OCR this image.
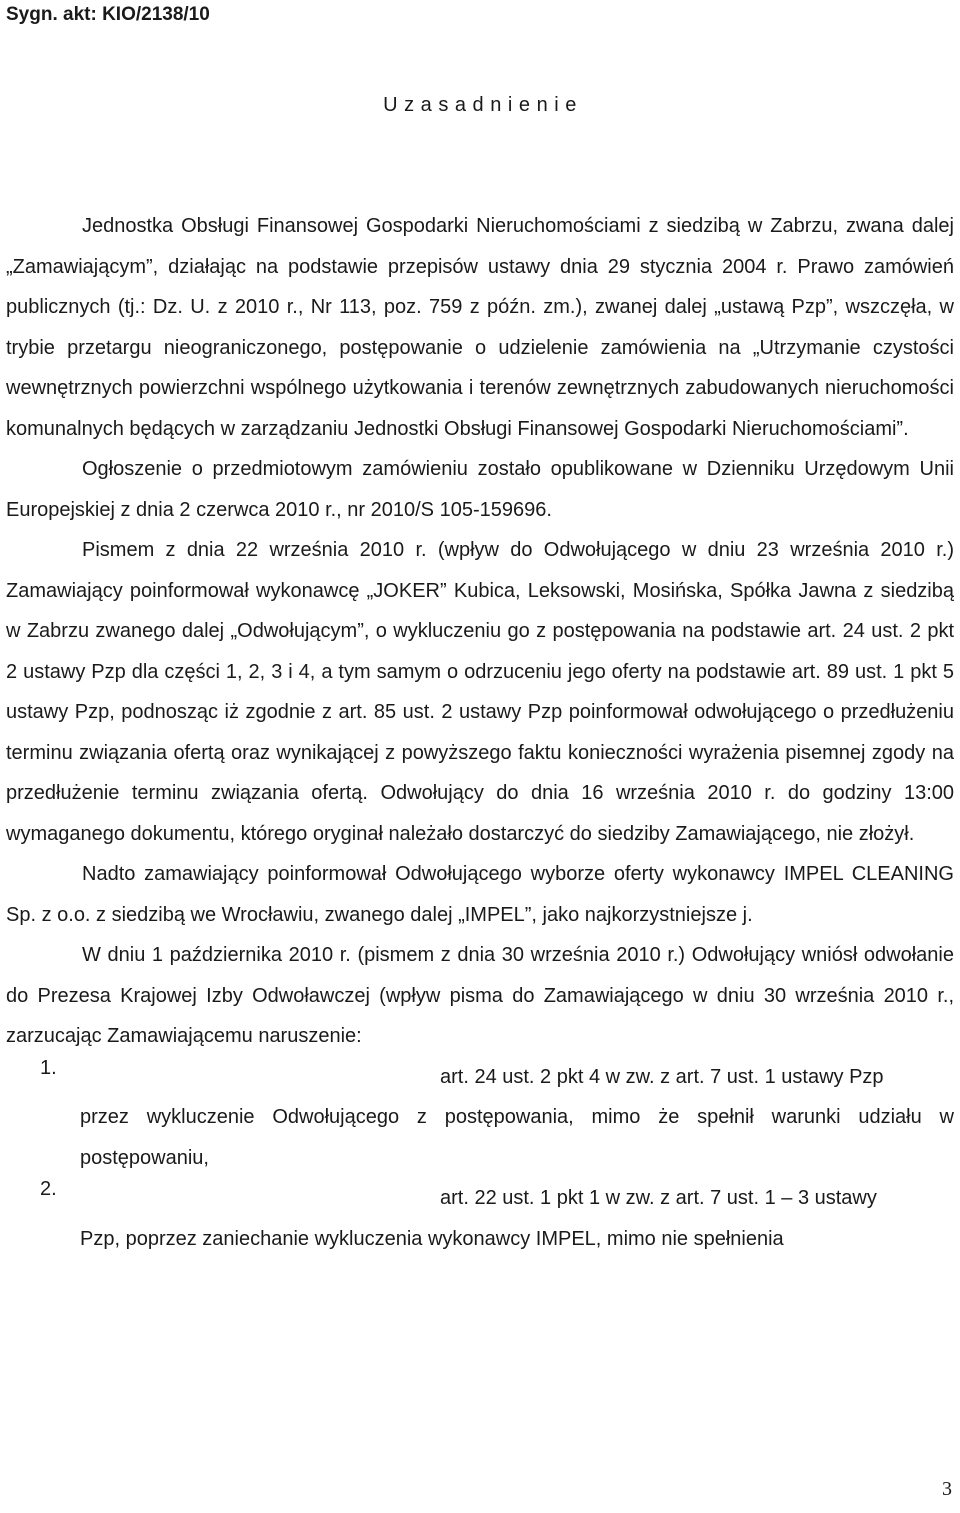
Sygn. akt: KIO/2138/10
U z a s a d n i e n i e

Jednostka Obsługi Finansowej Gospodarki Nieruchomościami z siedzibą w Zabrzu, zwana dalej „Zamawiającym”, działając na podstawie przepisów ustawy dnia 29 stycznia 2004 r. Prawo zamówień publicznych (tj.: Dz. U. z 2010 r., Nr 113, poz. 759 z późn. zm.), zwanej dalej „ustawą Pzp”, wszczęła, w trybie przetargu nieograniczonego, postępowanie o udzielenie zamówienia na „Utrzymanie czystości wewnętrznych powierzchni wspólnego użytkowania i terenów zewnętrznych zabudowanych nieruchomości komunalnych będących w zarządzaniu Jednostki Obsługi Finansowej Gospodarki Nieruchomościami”.

Ogłoszenie o przedmiotowym zamówieniu zostało opublikowane w Dzienniku Urzędowym Unii Europejskiej z dnia 2 czerwca 2010 r., nr 2010/S 105-159696.

Pismem z dnia 22 września 2010 r. (wpływ do Odwołującego w dniu 23 września 2010 r.) Zamawiający poinformował wykonawcę „JOKER” Kubica, Leksowski, Mosińska, Spółka Jawna z siedzibą w Zabrzu zwanego dalej „Odwołującym”, o wykluczeniu go z postępowania na podstawie art. 24 ust. 2 pkt 2 ustawy Pzp dla części 1, 2, 3 i 4, a tym samym o odrzuceniu jego oferty na podstawie art. 89 ust. 1 pkt 5 ustawy Pzp, podnosząc iż zgodnie z art. 85 ust. 2 ustawy Pzp poinformował odwołującego o przedłużeniu terminu związania ofertą oraz wynikającej z powyższego faktu konieczności wyrażenia pisemnej zgody na przedłużenie terminu związania ofertą. Odwołujący do dnia 16 września 2010 r. do godziny 13:00 wymaganego dokumentu, którego oryginał należało dostarczyć do siedziby Zamawiającego, nie złożył.

Nadto zamawiający poinformował Odwołującego wyborze oferty wykonawcy IMPEL CLEANING Sp. z o.o. z siedzibą we Wrocławiu, zwanego dalej „IMPEL”, jako najkorzystniejsze j.

W dniu 1 października 2010 r. (pismem z dnia 30 września 2010 r.) Odwołujący wniósł odwołanie do Prezesa Krajowej Izby Odwoławczej (wpływ pisma do Zamawiającego w dniu 30 września 2010 r., zarzucając Zamawiającemu naruszenie:

1.	art. 24 ust. 2 pkt 4 w zw. z art. 7 ust. 1 ustawy Pzp
przez wykluczenie Odwołującego z postępowania, mimo że spełnił warunki udziału w postępowaniu,
2.	art. 22 ust. 1 pkt 1 w zw. z art. 7 ust. 1 – 3 ustawy
Pzp, poprzez zaniechanie wykluczenia wykonawcy IMPEL, mimo nie spełnienia
3
